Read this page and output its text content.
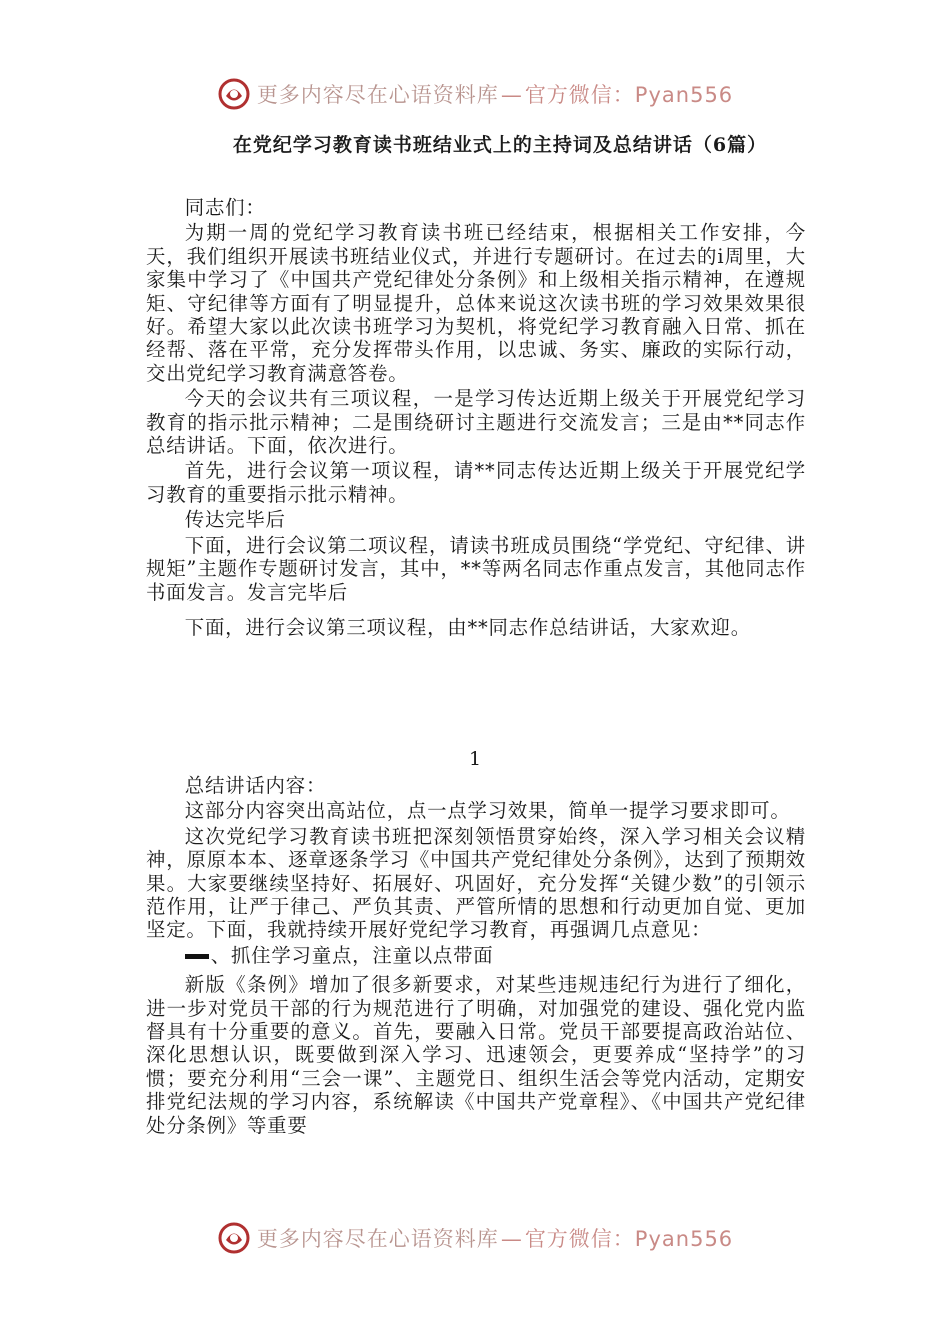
更多内容尽在心语资料库—官方微信：Pyan556
在党纪学习教育读书班结业式上的主持词及总结讲话（6篇）

同志们：

为期一周的党纪学习教育读书班已经结束，根据相关工作安排，今天，我们组织开展读书班结业仪式，并进行专题研讨。在过去的i周里，大家集中学习了《中国共产党纪律处分条例》和上级相关指示精神，在遵规矩、守纪律等方面有了明显提升，总体来说这次读书班的学习效果效果很好。希望大家以此次读书班学习为契机，将党纪学习教育融入日常、抓在经帮、落在平常，充分发挥带头作用，以忠诚、务实、廉政的实际行动，交出党纪学习教育满意答卷。

今天的会议共有三项议程，一是学习传达近期上级关于开展党纪学习教育的指示批示精神；二是围绕研讨主题进行交流发言；三是由**同志作总结讲话。下面，依次进行。

首先，进行会议第一项议程，请**同志传达近期上级关于开展党纪学习教育的重要指示批示精神。

传达完毕后

下面，进行会议第二项议程，请读书班成员围绕“学党纪、守纪律、讲规矩”主题作专题研讨发言，其中，**等两名同志作重点发言，其他同志作书面发言。发言完毕后

下面，进行会议第三项议程，由**同志作总结讲话，大家欢迎。

1

总结讲话内容：

这部分内容突出高站位，点一点学习效果，简单一提学习要求即可。

这次党纪学习教育读书班把深刻领悟贯穿始终，深入学习相关会议精神，原原本本、逐章逐条学习《中国共产党纪律处分条例》，达到了预期效果。大家要继续坚持好、拓展好、巩固好，充分发挥“关键少数”的引领示范作用，让严于律己、严负其责、严管所情的思想和行动更加自觉、更加坚定。下面，我就持续开展好党纪学习教育，再强调几点意见：

、抓住学习童点，注童以点带面

新版《条例》增加了很多新要求，对某些违规违纪行为进行了细化，进一步对党员干部的行为规范进行了明确，对加强党的建设、强化党内监督具有十分重要的意义。首先，要融入日常。党员干部要提高政治站位、深化思想认识，既要做到深入学习、迅速领会，更要养成“坚持学”的习惯；要充分利用“三会一课”、主题党日、组织生活会等党内活动，定期安排党纪法规的学习内容，系统解读《中国共产党章程》、《中国共产党纪律处分条例》等重要

更多内容尽在心语资料库—官方微信：Pyan556
